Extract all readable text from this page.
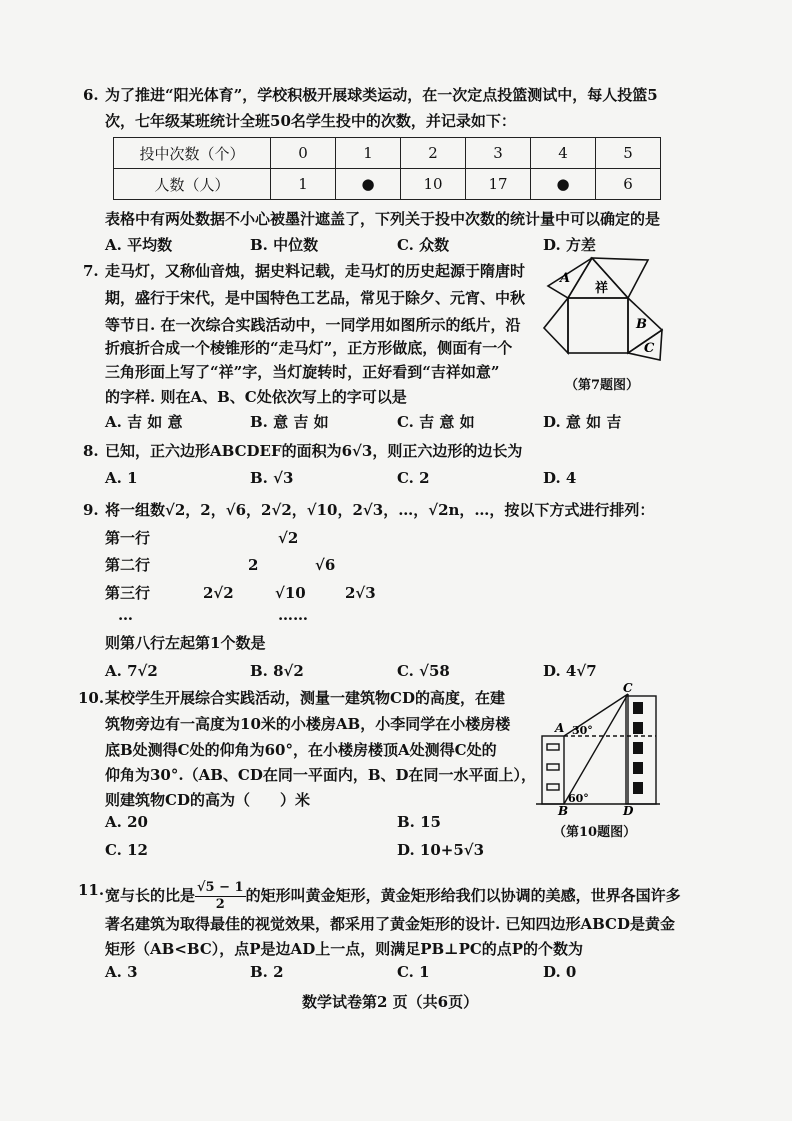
6. 为了推进“阳光体育”，学校积极开展球类运动，在一次定点投篮测试中，每人投篮5
次，七年级某班统计全班50名学生投中的次数，并记录如下：
投中次数（个）	0	1	2	3	4	5
人数（人）	1	●	10	17	●	6
表格中有两处数据不小心被墨汁遮盖了，下列关于投中次数的统计量中可以确定的是
A. 平均数	B. 中位数	C. 众数	D. 方差
7. 走马灯，又称仙音烛，据史料记载，走马灯的历史起源于隋唐时
期，盛行于宋代，是中国特色工艺品，常见于除夕、元宵、中秋
等节日. 在一次综合实践活动中，一同学用如图所示的纸片，沿
折痕折合成一个棱锥形的“走马灯”，正方形做底，侧面有一个
三角形面上写了“祥”字，当灯旋转时，正好看到“吉祥如意”
的字样. 则在A、B、C处依次写上的字可以是
A
祥
B
C
（第7题图）
A. 吉 如 意	B. 意 吉 如	C. 吉 意 如	D. 意 如 吉
8. 已知，正六边形ABCDEF的面积为6√3，则正六边形的边长为
A. 1	B. √3	C. 2	D. 4
9. 将一组数√2，2，√6，2√2，√10，2√3，…，√2n，…，按以下方式进行排列：
第一行	√2
第二行	2	√6
第三行	2√2	√10	2√3
…	……
则第八行左起第1个数是
A. 7√2	B. 8√2	C. √58	D. 4√7
10. 某校学生开展综合实践活动，测量一建筑物CD的高度，在建
筑物旁边有一高度为10米的小楼房AB，小李同学在小楼房楼
底B处测得C处的仰角为60°，在小楼房楼顶A处测得C处的
仰角为30°.（AB、CD在同一平面内，B、D在同一水平面上），
则建筑物CD的高为（　　）米
C
A 30°
60°
B	D
（第10题图）
A. 20	B. 15
C. 12	D. 10+5√3
11. 宽与长的比是 $\frac{√5 - 1}{2}$ 的矩形叫黄金矩形，黄金矩形给我们以协调的美感，世界各国许多
著名建筑为取得最佳的视觉效果，都采用了黄金矩形的设计. 已知四边形ABCD是黄金
矩形（AB<BC），点P是边AD上一点，则满足PB⊥PC的点P的个数为
A. 3	B. 2	C. 1	D. 0
数学试卷第2 页（共6页）
